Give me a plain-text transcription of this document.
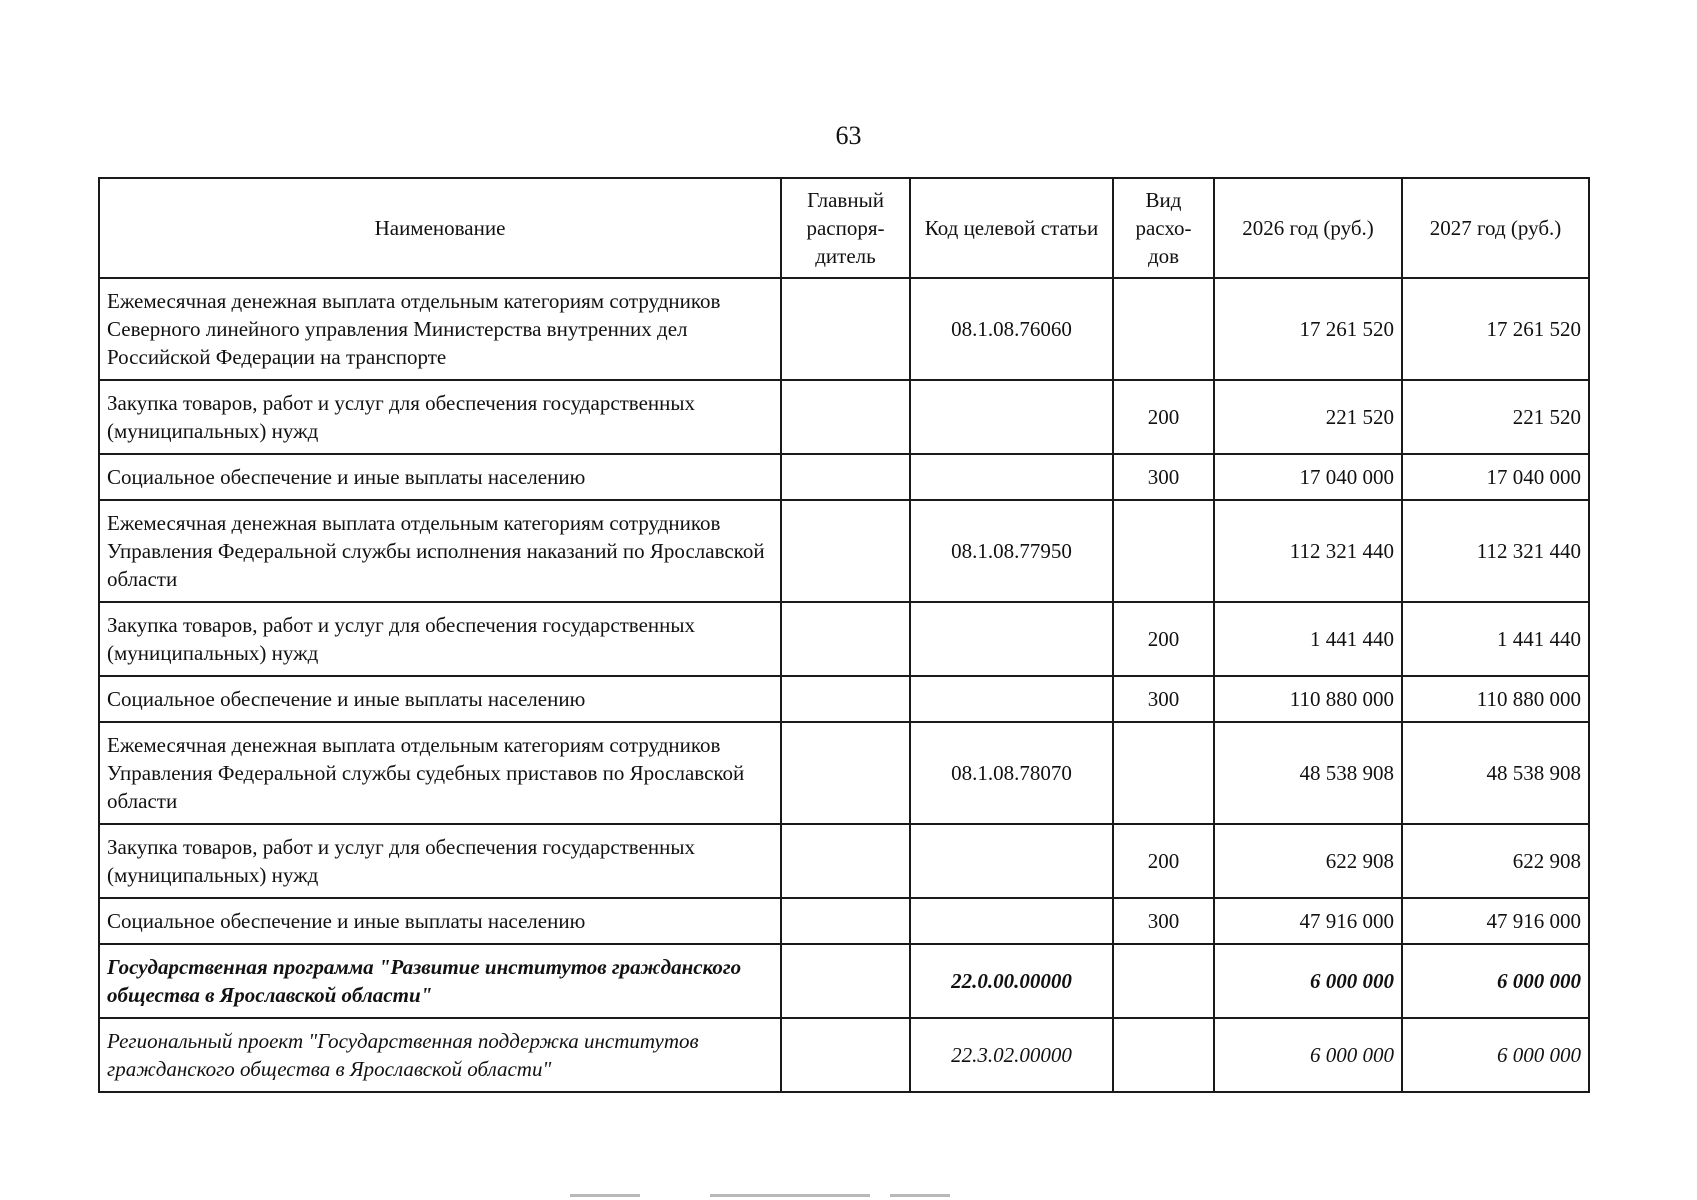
63
Наименование	Главный распоря-дитель	Код целевой статьи	Вид расхо-дов	2026 год (руб.)	2027 год (руб.)
Ежемесячная денежная выплата отдельным категориям сотрудников Северного линейного управления Министерства внутренних дел Российской Федерации на транспорте		08.1.08.76060		17 261 520	17 261 520
Закупка товаров, работ и услуг для обеспечения государственных (муниципальных) нужд			200	221 520	221 520
Социальное обеспечение и иные выплаты населению			300	17 040 000	17 040 000
Ежемесячная денежная выплата отдельным категориям сотрудников Управления Федеральной службы исполнения наказаний по Ярославской области		08.1.08.77950		112 321 440	112 321 440
Закупка товаров, работ и услуг для обеспечения государственных (муниципальных) нужд			200	1 441 440	1 441 440
Социальное обеспечение и иные выплаты населению			300	110 880 000	110 880 000
Ежемесячная денежная выплата отдельным категориям сотрудников Управления Федеральной службы судебных приставов по Ярославской области		08.1.08.78070		48 538 908	48 538 908
Закупка товаров, работ и услуг для обеспечения государственных (муниципальных) нужд			200	622 908	622 908
Социальное обеспечение и иные выплаты населению			300	47 916 000	47 916 000
Государственная программа "Развитие институтов гражданского общества в Ярославской области"		22.0.00.00000		6 000 000	6 000 000
Региональный проект "Государственная поддержка институтов гражданского общества в Ярославской области"		22.3.02.00000		6 000 000	6 000 000
